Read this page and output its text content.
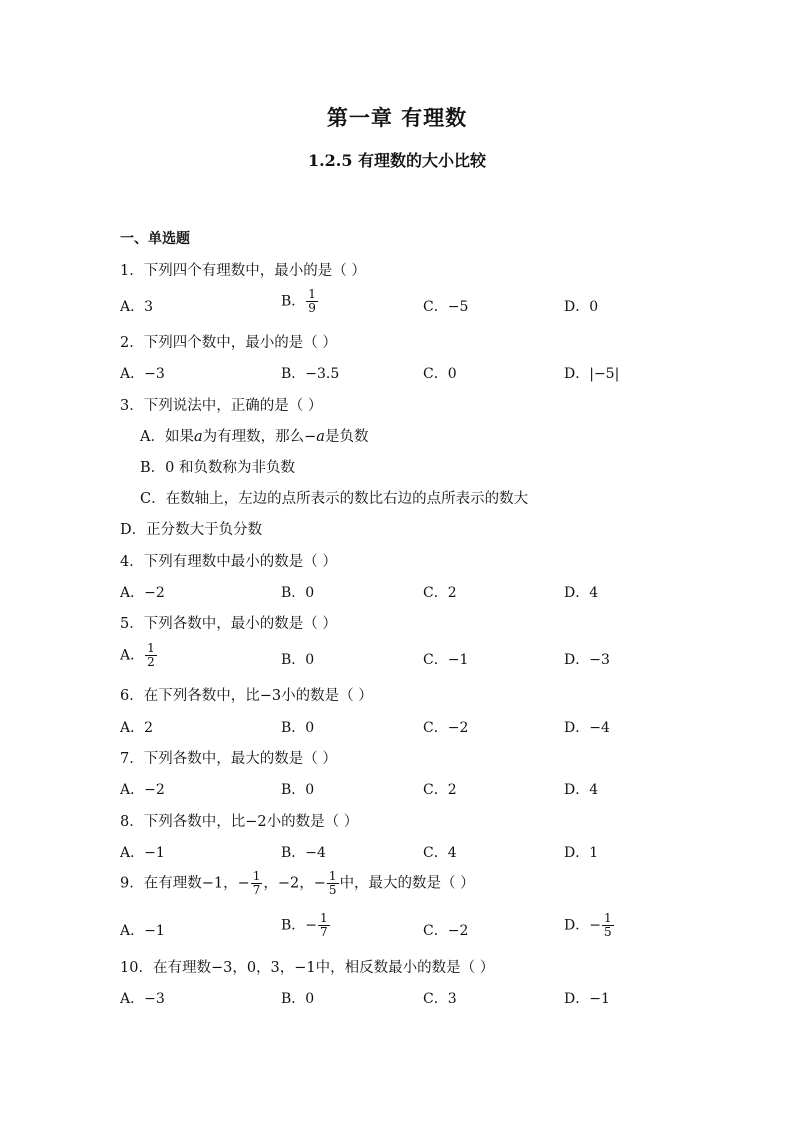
第一章 有理数
1.2.5 有理数的大小比较
一、单选题
1．下列四个有理数中，最小的是（ ）
A．3	B． $\frac{1}{9}$	C．−5	D．0
2．下列四个数中，最小的是（ ）
A．−3	B．−3.5	C．0	D．|−5|
3．下列说法中，正确的是（ ）
A．如果a为有理数，那么−a是负数
B．0 和负数称为非负数
C．在数轴上，左边的点所表示的数比右边的点所表示的数大
D．正分数大于负分数
4．下列有理数中最小的数是（ ）
A．−2	B．0	C．2	D．4
5．下列各数中，最小的数是（ ）
A． $\frac{1}{2}$	B．0	C．−1	D．−3
6．在下列各数中，比−3小的数是（ ）
A．2	B．0	C．−2	D．−4
7．下列各数中，最大的数是（ ）
A．−2	B．0	C．2	D．4
8．下列各数中，比−2小的数是（ ）
A．−1	B．−4	C．4	D．1
9．在有理数−1，− $\frac{1}{7}$ ，−2，− $\frac{1}{5}$ 中，最大的数是（ ）
A．−1	B．− $\frac{1}{7}$	C．−2	D．− $\frac{1}{5}$
10．在有理数−3，0，3，−1中，相反数最小的数是（ ）
A．−3	B．0	C．3	D．−1
